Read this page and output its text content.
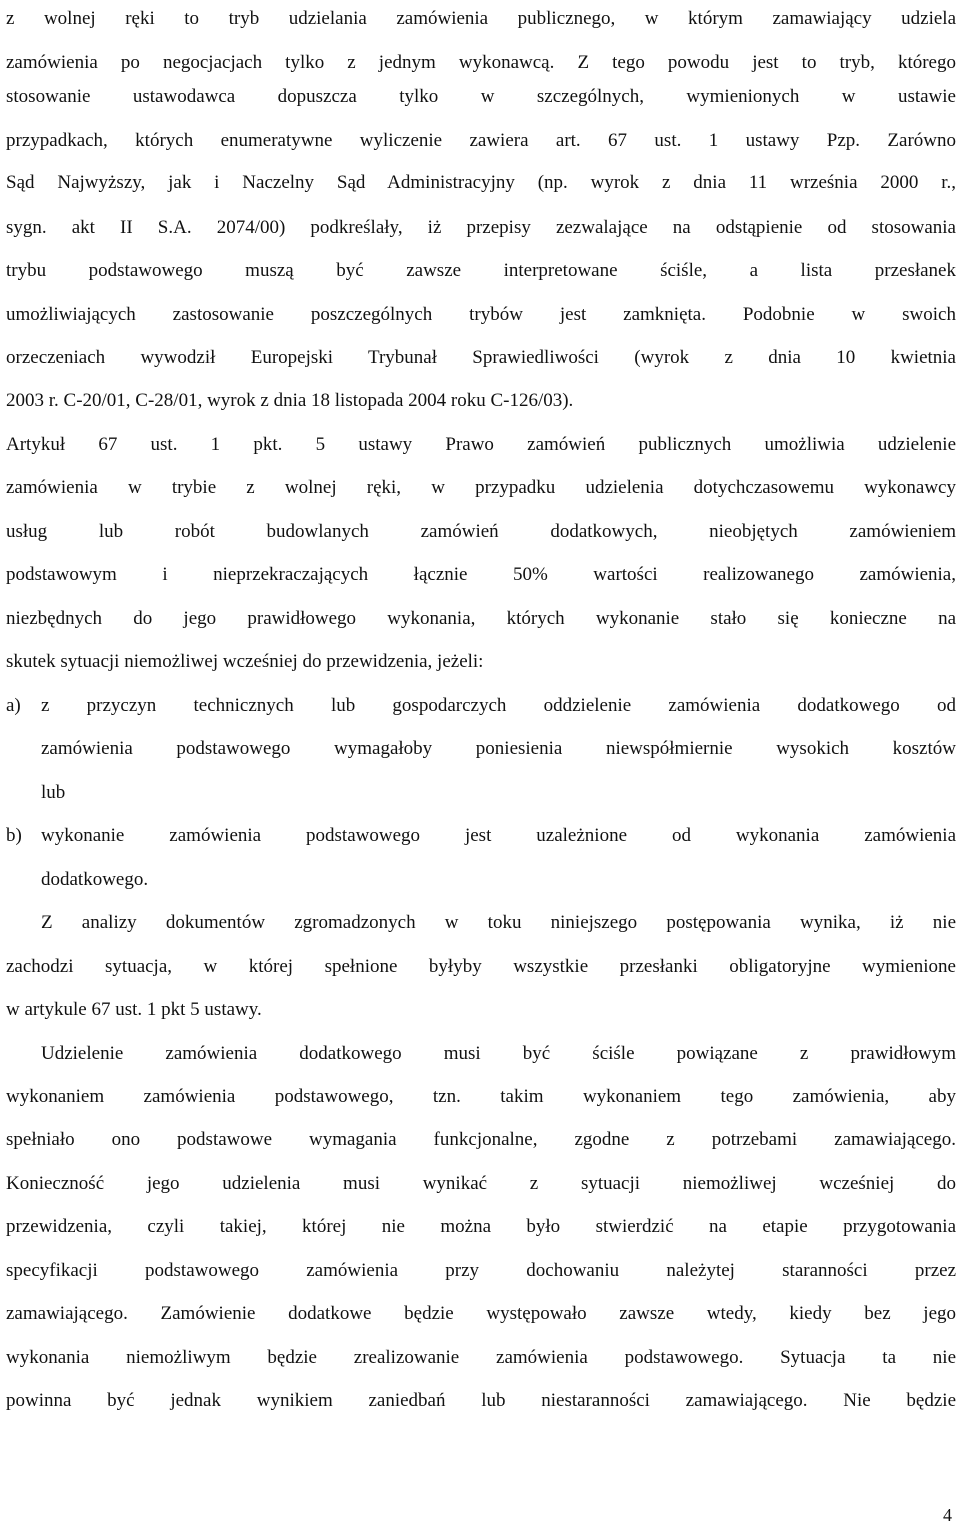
z wolnej ręki to tryb udzielania zamówienia publicznego, w którym zamawiający udziela
zamówienia po negocjacjach tylko z jednym wykonawcą. Z tego powodu jest to tryb, którego
stosowanie ustawodawca dopuszcza tylko w szczególnych, wymienionych w ustawie
przypadkach, których enumeratywne wyliczenie zawiera art. 67 ust. 1 ustawy Pzp. Zarówno
Sąd Najwyższy, jak i Naczelny Sąd Administracyjny (np. wyrok z dnia 11 września 2000 r.,
sygn. akt II S.A. 2074/00) podkreślały, iż przepisy zezwalające na odstąpienie od stosowania
trybu podstawowego muszą być zawsze interpretowane ściśle, a lista przesłanek
umożliwiających zastosowanie poszczególnych trybów jest zamknięta. Podobnie w swoich
orzeczeniach wywodził Europejski Trybunał Sprawiedliwości (wyrok z dnia 10 kwietnia
2003 r. C-20/01, C-28/01, wyrok z dnia 18 listopada 2004 roku C-126/03).
Artykuł 67 ust. 1 pkt. 5 ustawy Prawo zamówień publicznych umożliwia udzielenie
zamówienia w trybie z wolnej ręki, w przypadku udzielenia dotychczasowemu wykonawcy
usług lub robót budowlanych zamówień dodatkowych, nieobjętych zamówieniem
podstawowym i nieprzekraczających łącznie 50% wartości realizowanego zamówienia,
niezbędnych do jego prawidłowego wykonania, których wykonanie stało się konieczne na
skutek sytuacji niemożliwej wcześniej do przewidzenia, jeżeli:
a)	z przyczyn technicznych lub gospodarczych oddzielenie zamówienia dodatkowego od
zamówienia podstawowego wymagałoby poniesienia niewspółmiernie wysokich kosztów
lub
b)	wykonanie zamówienia podstawowego jest uzależnione od wykonania zamówienia
dodatkowego.
Z analizy dokumentów zgromadzonych w toku niniejszego postępowania wynika, iż nie
zachodzi sytuacja, w której spełnione byłyby wszystkie przesłanki obligatoryjne wymienione
w artykule 67 ust. 1 pkt 5 ustawy.
Udzielenie zamówienia dodatkowego musi być ściśle powiązane z prawidłowym
wykonaniem zamówienia podstawowego, tzn. takim wykonaniem tego zamówienia, aby
spełniało ono podstawowe wymagania funkcjonalne, zgodne z potrzebami zamawiającego.
Konieczność jego udzielenia musi wynikać z sytuacji niemożliwej wcześniej do
przewidzenia, czyli takiej, której nie można było stwierdzić na etapie przygotowania
specyfikacji podstawowego zamówienia przy dochowaniu należytej staranności przez
zamawiającego. Zamówienie dodatkowe będzie występowało zawsze wtedy, kiedy bez jego
wykonania niemożliwym będzie zrealizowanie zamówienia podstawowego. Sytuacja ta nie
powinna być jednak wynikiem zaniedbań lub niestaranności zamawiającego. Nie będzie
4
